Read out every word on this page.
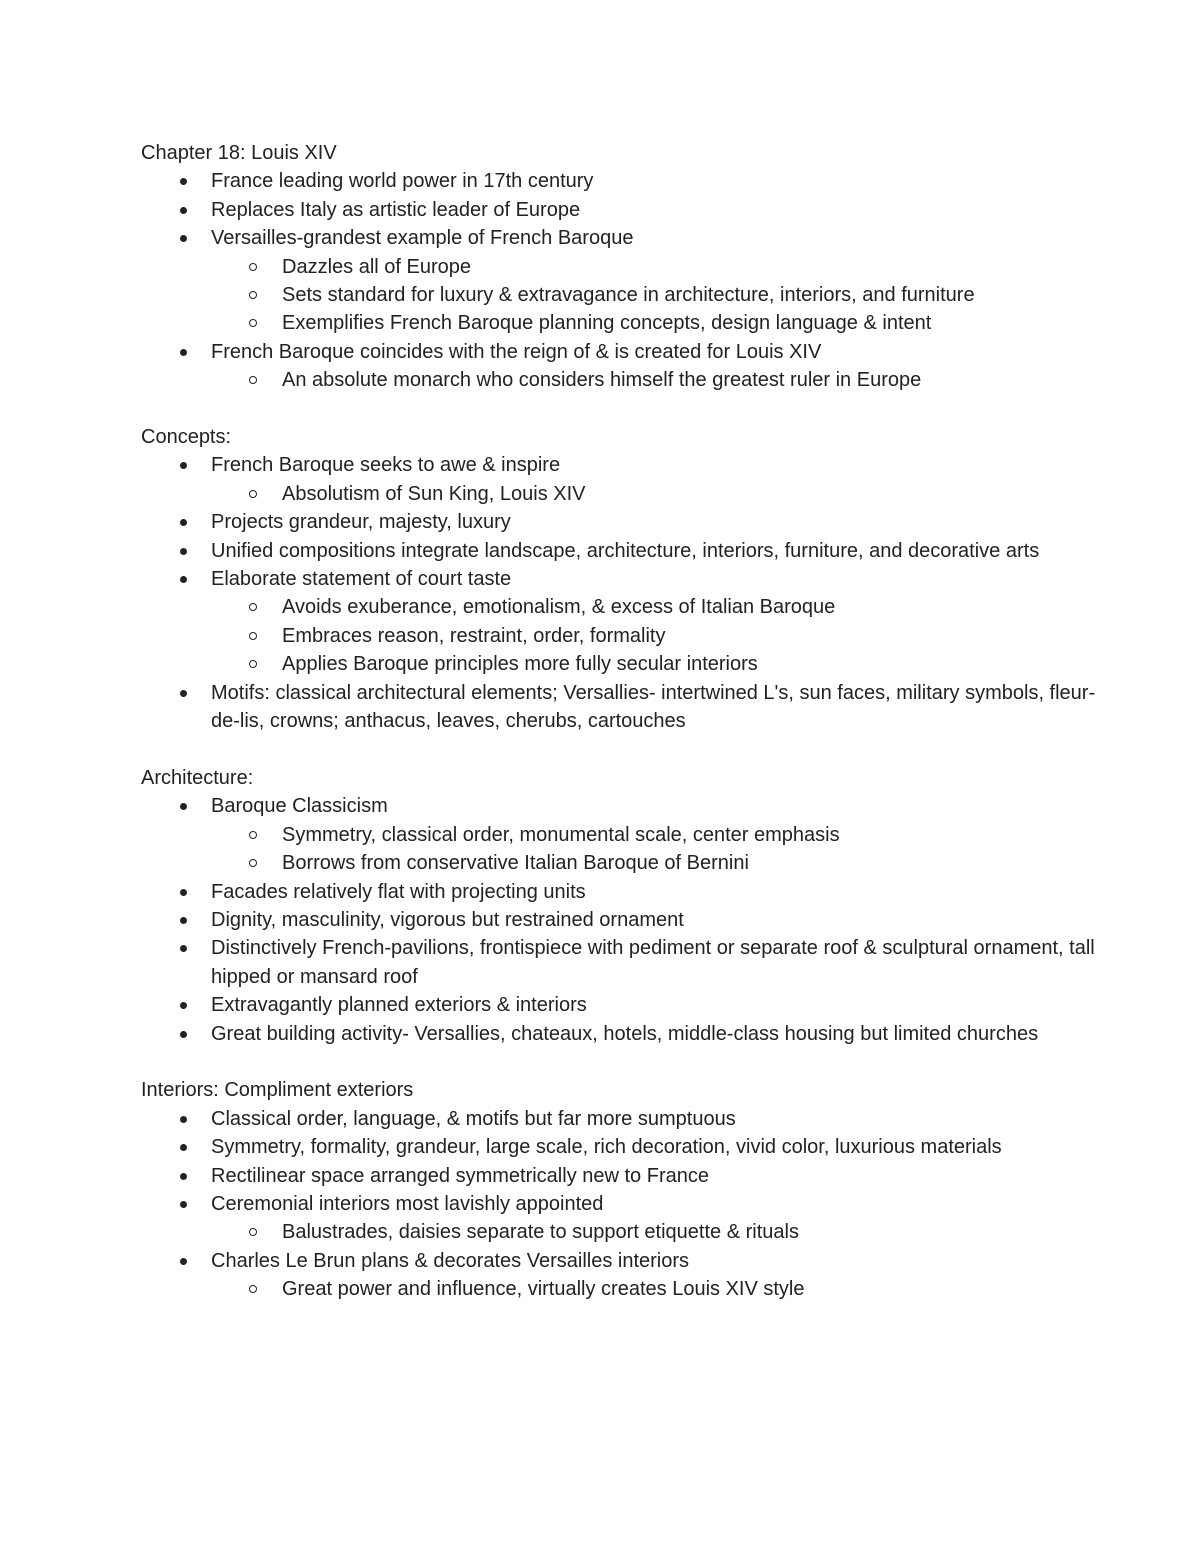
Chapter 18: Louis XIV

France leading world power in 17th century
Replaces Italy as artistic leader of Europe
Versailles-grandest example of French Baroque
Dazzles all of Europe
Sets standard for luxury & extravagance in architecture, interiors, and furniture
Exemplifies French Baroque planning concepts, design language & intent
French Baroque coincides with the reign of & is created for Louis XIV
An absolute monarch who considers himself the greatest ruler in Europe

Concepts:

French Baroque seeks to awe & inspire
Absolutism of Sun King, Louis XIV
Projects grandeur, majesty, luxury
Unified compositions integrate landscape, architecture, interiors, furniture, and decorative arts
Elaborate statement of court taste
Avoids exuberance, emotionalism, & excess of Italian Baroque
Embraces reason, restraint, order, formality
Applies Baroque principles more fully secular interiors
Motifs: classical architectural elements; Versallies- intertwined L's, sun faces, military symbols, fleur-de-lis, crowns; anthacus, leaves, cherubs, cartouches

Architecture:

Baroque Classicism
Symmetry, classical order, monumental scale, center emphasis
Borrows from conservative Italian Baroque of Bernini
Facades relatively flat with projecting units
Dignity, masculinity, vigorous but restrained ornament
Distinctively French-pavilions, frontispiece with pediment or separate roof & sculptural ornament, tall hipped or mansard roof
Extravagantly planned exteriors & interiors
Great building activity- Versallies, chateaux, hotels, middle-class housing but limited churches

Interiors: Compliment exteriors

Classical order, language, & motifs but far more sumptuous
Symmetry, formality, grandeur, large scale, rich decoration, vivid color, luxurious materials
Rectilinear space arranged symmetrically new to France
Ceremonial interiors most lavishly appointed
Balustrades, daisies separate to support etiquette & rituals
Charles Le Brun plans & decorates Versailles interiors
Great power and influence, virtually creates Louis XIV style
